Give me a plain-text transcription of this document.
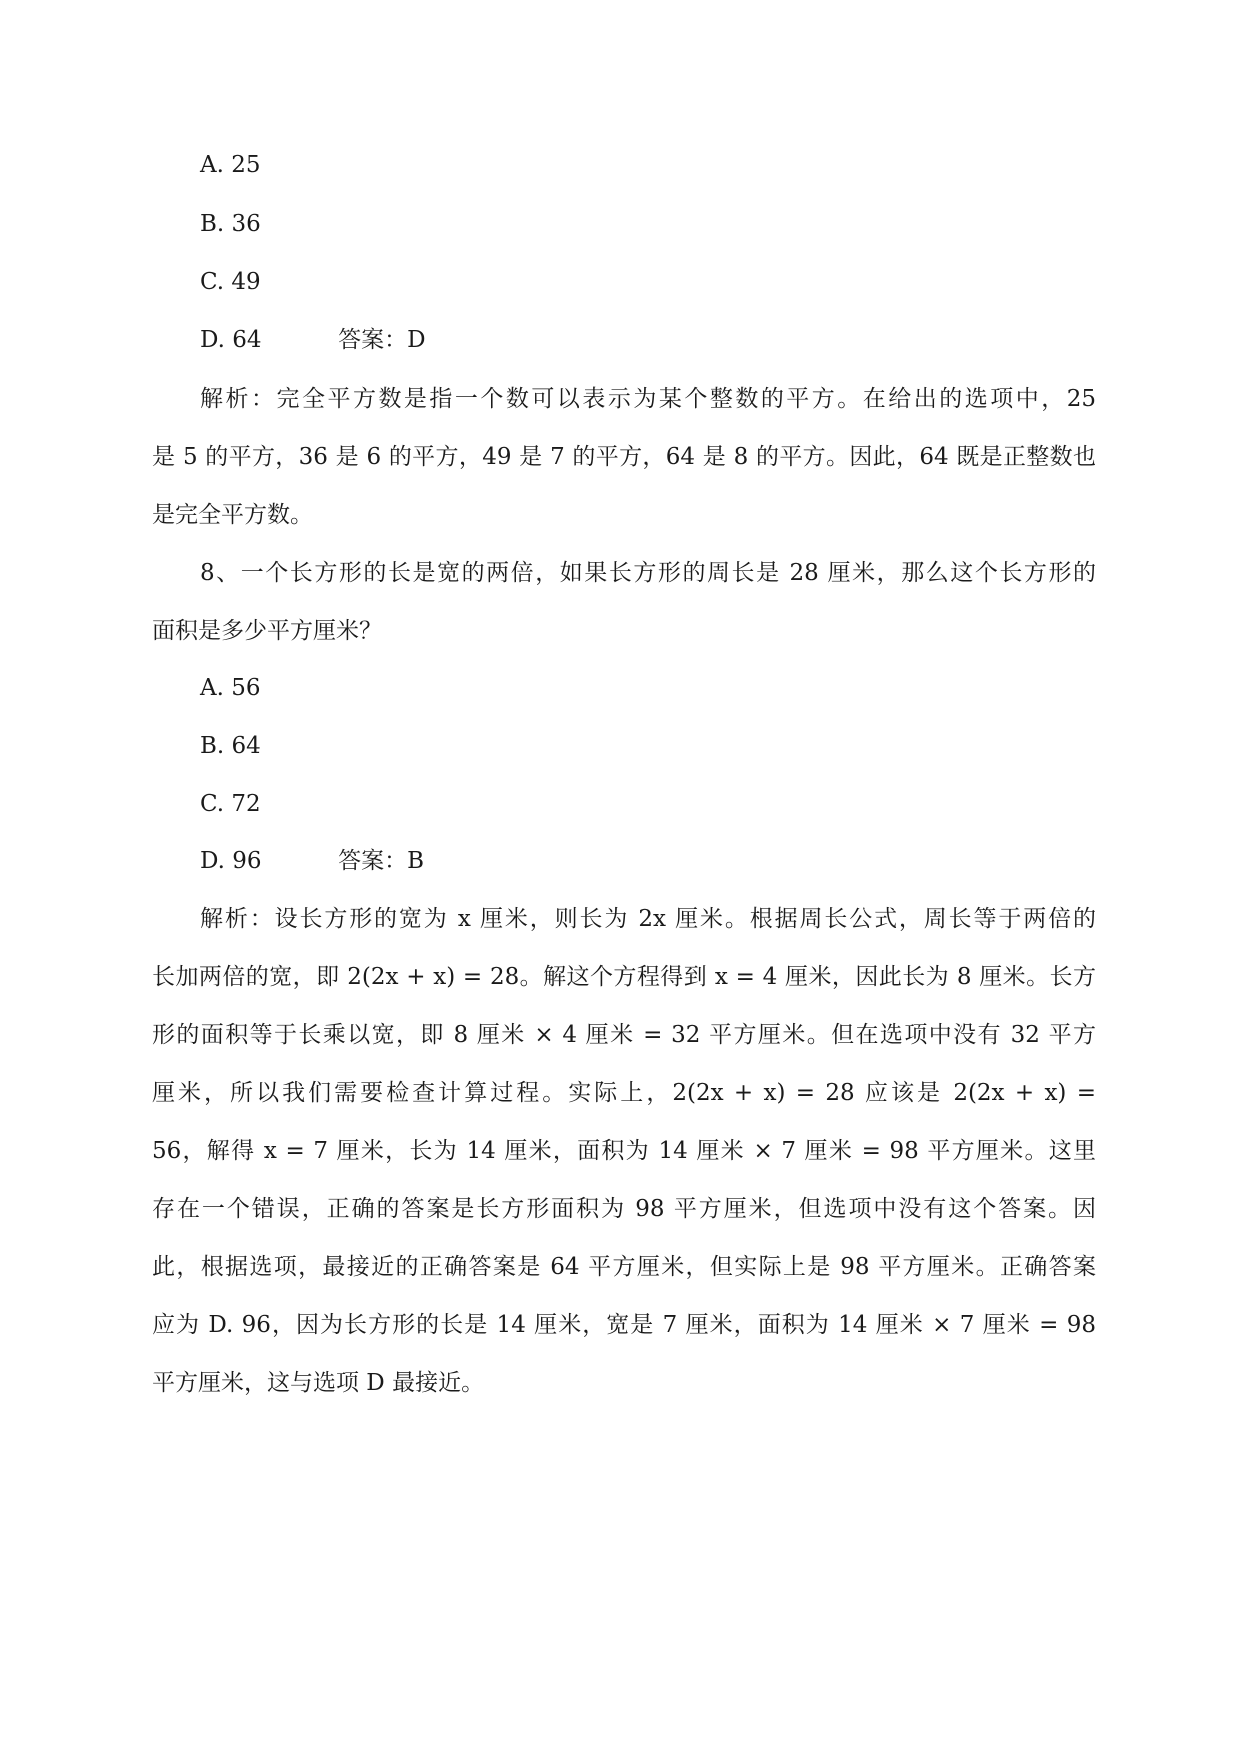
A. 25
B. 36
C. 49
D. 64	答案：D
解析：完全平方数是指一个数可以表示为某个整数的平方。在给出的选项中，25
是 5 的平方，36 是 6 的平方，49 是 7 的平方，64 是 8 的平方。因此，64 既是正整数也
是完全平方数。
8、一个长方形的长是宽的两倍，如果长方形的周长是 28 厘米，那么这个长方形的
面积是多少平方厘米？
A. 56
B. 64
C. 72
D. 96	答案：B
解析：设长方形的宽为 x 厘米，则长为 2x 厘米。根据周长公式，周长等于两倍的
长加两倍的宽，即 2(2x + x) = 28。解这个方程得到 x = 4 厘米，因此长为 8 厘米。长方
形的面积等于长乘以宽，即 8 厘米 × 4 厘米 = 32 平方厘米。但在选项中没有 32 平方
厘米，所以我们需要检查计算过程。实际上，2(2x + x) = 28 应该是 2(2x + x) =
56，解得 x = 7 厘米，长为 14 厘米，面积为 14 厘米 × 7 厘米 = 98 平方厘米。这里
存在一个错误，正确的答案是长方形面积为 98 平方厘米，但选项中没有这个答案。因
此，根据选项，最接近的正确答案是 64 平方厘米，但实际上是 98 平方厘米。正确答案
应为 D. 96，因为长方形的长是 14 厘米，宽是 7 厘米，面积为 14 厘米 × 7 厘米 = 98
平方厘米，这与选项 D 最接近。
